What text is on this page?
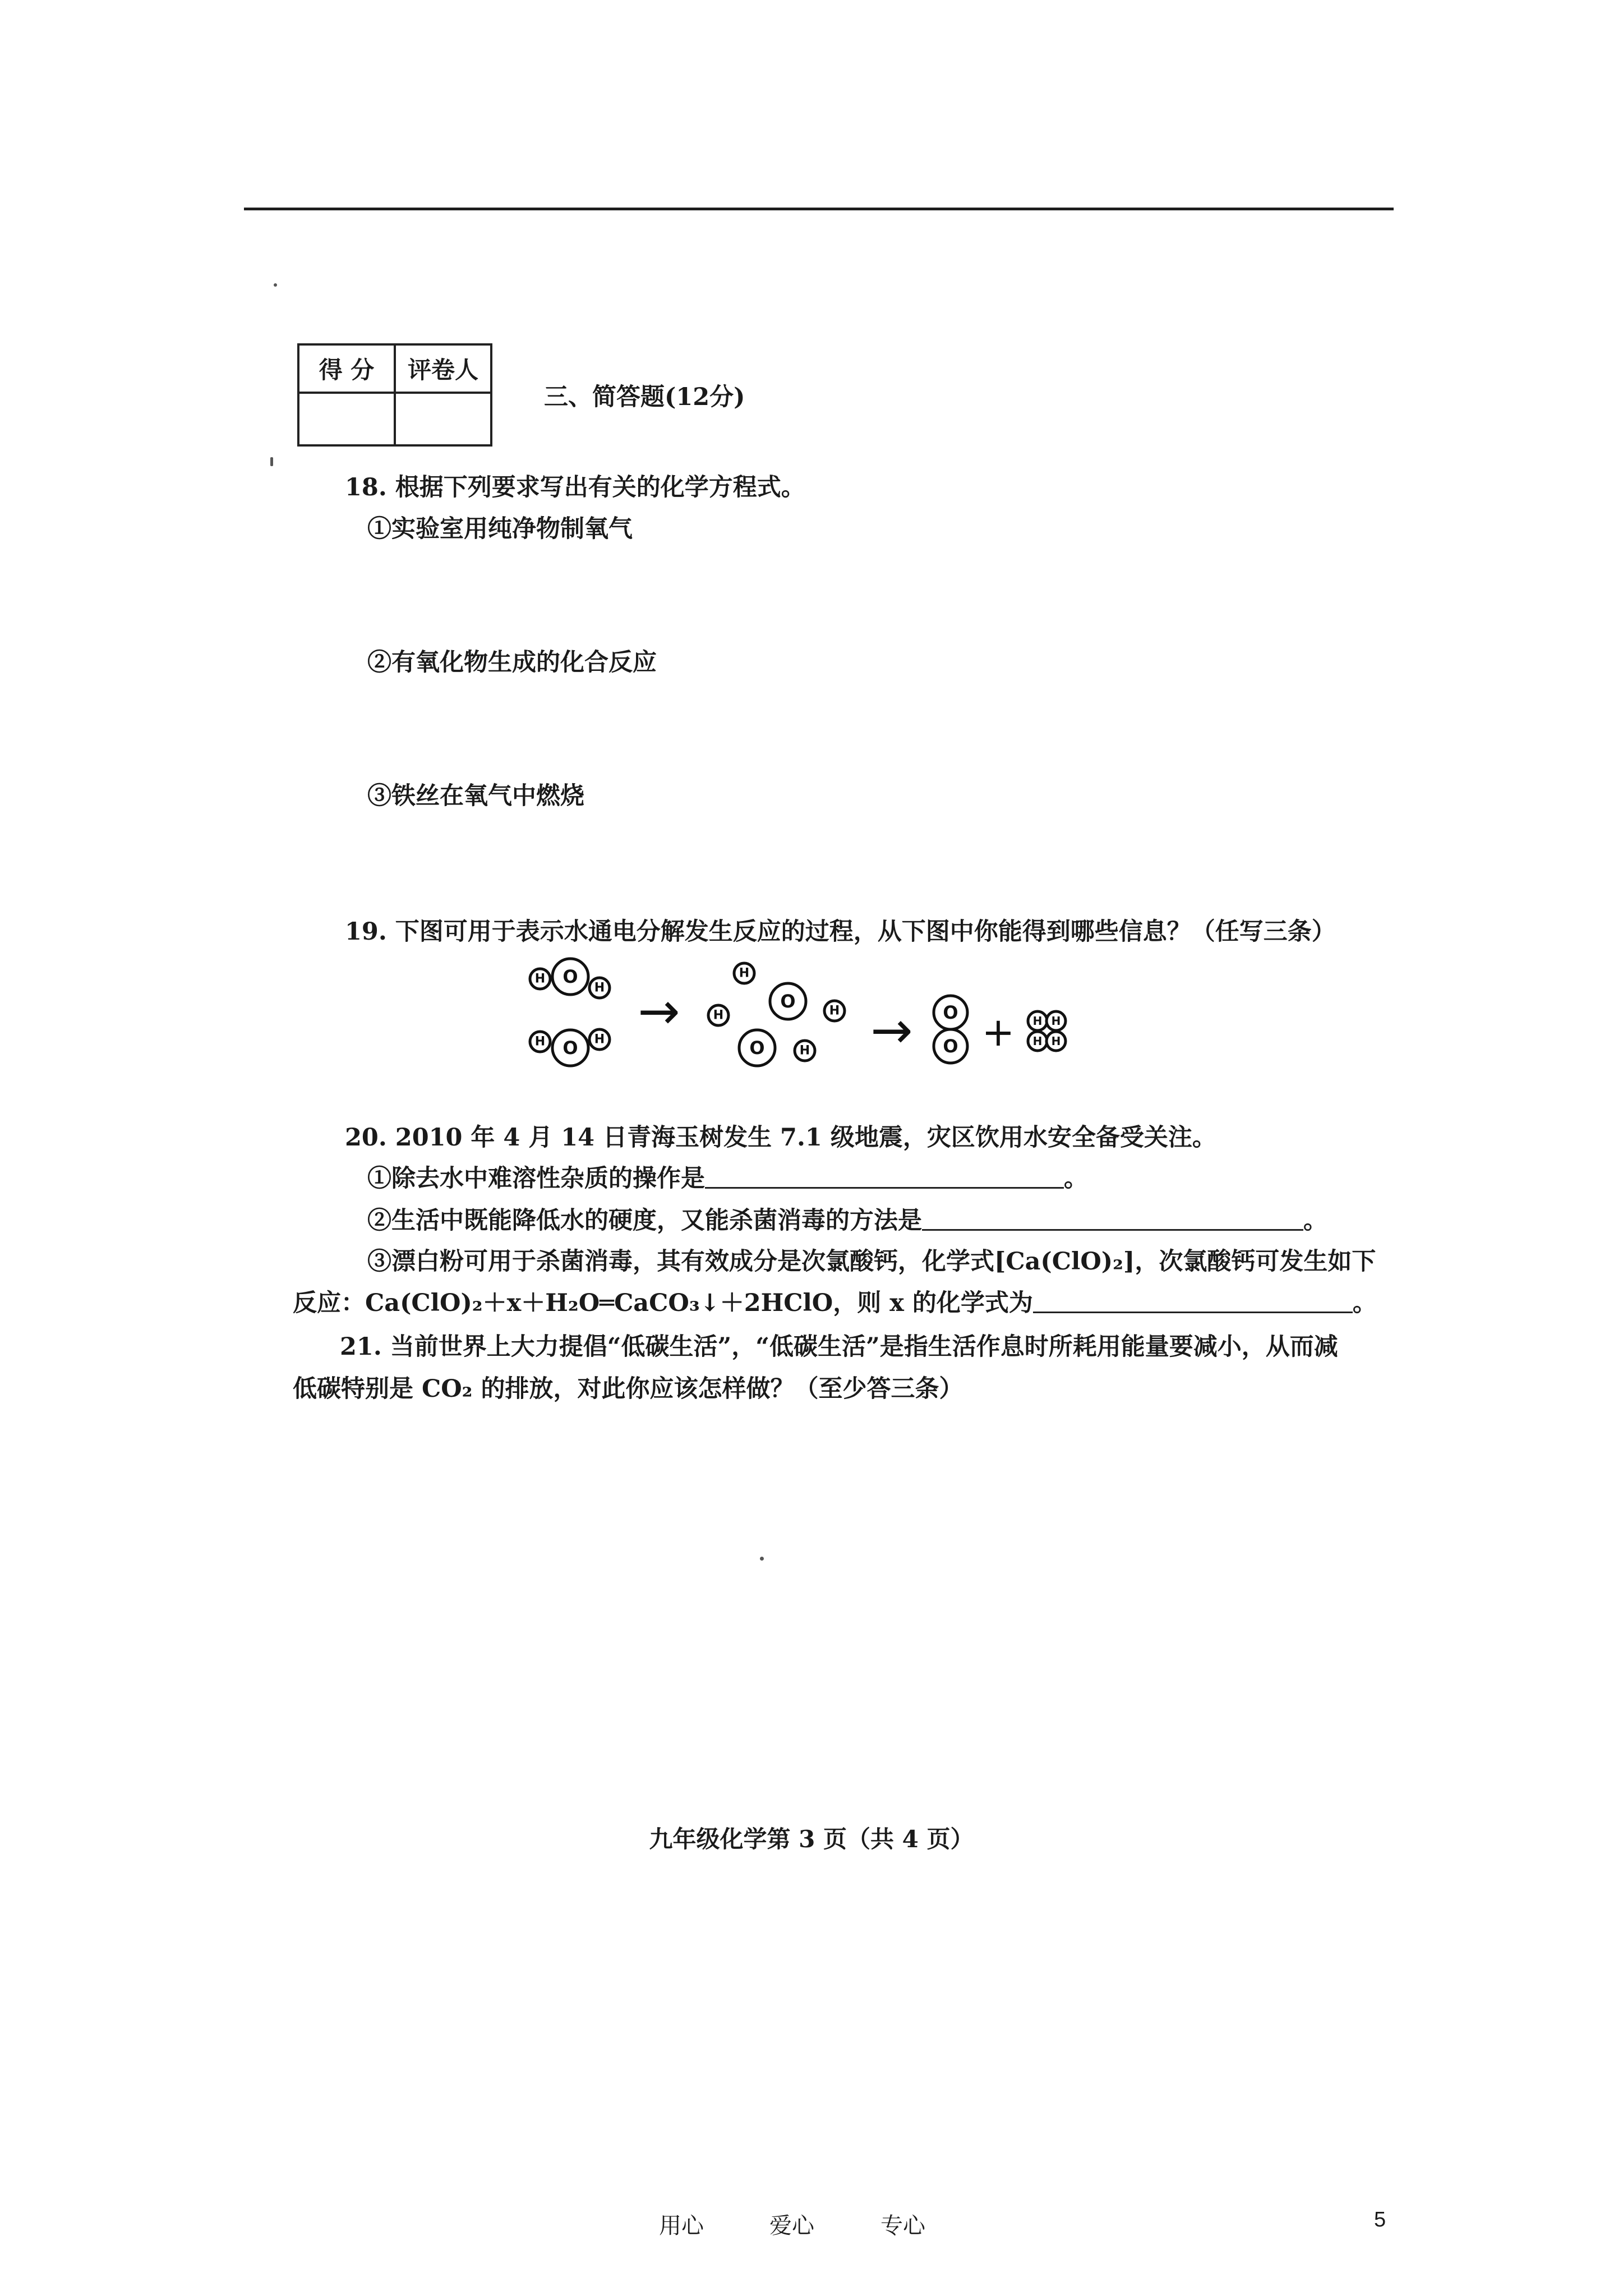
得 分	评卷人

三、简答题(12分)
18. 根据下列要求写出有关的化学方程式。
①实验室用纯净物制氧气
②有氧化物生成的化合反应
③铁丝在氧气中燃烧
19. 下图可用于表示水通电分解发生反应的过程，从下图中你能得到哪些信息？（任写三条）
H O
H
H O H
H
O
H	H
O	H
O
O
H H
H H
→	→ +
20. 2010 年 4 月 14 日青海玉树发生 7.1 级地震，灾区饮用水安全备受关注。
①除去水中难溶性杂质的操作是	。
②生活中既能降低水的硬度，又能杀菌消毒的方法是	。
③漂白粉可用于杀菌消毒，其有效成分是次氯酸钙，化学式[Ca(ClO)₂]，次氯酸钙可发生如下
反应：Ca(ClO)₂＋x＋H₂O═CaCO₃↓＋2HClO，则 x 的化学式为	。
21. 当前世界上大力提倡“低碳生活”，“低碳生活”是指生活作息时所耗用能量要减小，从而减
低碳特别是 CO₂ 的排放，对此你应该怎样做？（至少答三条）
九年级化学第 3 页（共 4 页）
用心	爱心	专心	5
